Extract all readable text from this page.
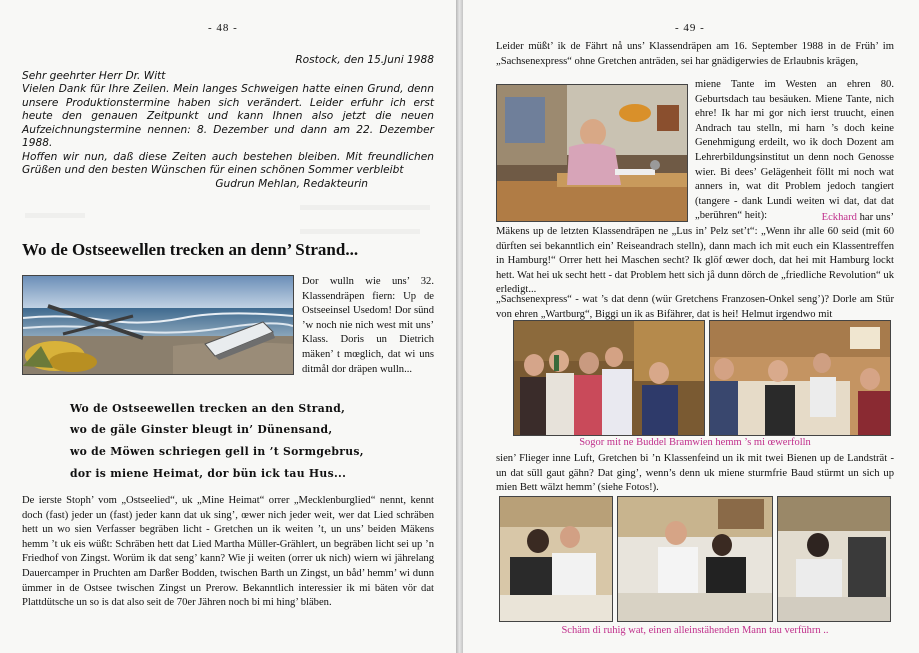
- 48 -

Rostock, den 15.Juni 1988

Sehr geehrter Herr Dr. Witt

Vielen Dank für Ihre Zeilen. Mein langes Schweigen hatte einen Grund, denn unsere Produktionstermine haben sich verändert. Leider erfuhr ich erst heute den genauen Zeitpunkt und kann Ihnen also jetzt die neuen Aufzeichnungstermine nennen: 8. Dezember und dann am 22. Dezember 1988.

Hoffen wir nun, daß diese Zeiten auch bestehen bleiben. Mit freundlichen Grüßen und den besten Wünschen für einen schönen Sommer verbleibt

Gudrun Mehlan, Redakteurin

Wo de Ostseewellen trecken an denn’ Strand...
Dor wulln wie uns’ 32. Klassendräpen fiern: Up de Ostseeinsel Usedom! Dor sünd ’w noch nie nich west mit uns’ Klass. Doris un Dietrich mäken’ t mœglich, dat wi uns ditmål dor dräpen wulln...
Wo de Ostseewellen trecken an den Strand,
wo de gäle Ginster bleugt in’ Dünensand,
wo de Möwen schriegen gell in ’t Sormgebrus,
dor is miene Heimat, dor bün ick tau Hus...
De ierste Stoph’ vom „Ostseelied“, uk „Mine Heimat“ orrer „Mecklenburglied“ nennt, kennt doch (fast) jeder un (fast) jeder kann dat uk sing’, œwer nich jeder weit, wer dat Lied schräben hett un wo sien Verfasser begräben licht - Gretchen un ik weiten ’t, un uns’ beiden Mäkens hemm ’t uk eis wüßt: Schräben hett dat Lied Martha Müller-Grählert, un begräben licht sei up ’n Friedhof von Zingst. Worüm ik dat seng’ kann? Wie ji weiten (orrer uk nich) wiern wi jährelang Dauercamper in Pruchten am Darßer Bodden, twischen Barth un Zingst, un båd’ hemm’ wi dunn ümmer in de Ostsee twischen Zingst un Prerow. Bekanntlich interessier ik mi bäten vör dat Plattdütsche un so is dat also seit de 70er Jähren noch bi mi hing’ bläben.
- 49 -
Leider müßt’ ik de Fährt nå uns’ Klassendräpen am 16. September 1988 in de Früh’ im „Sachsenexpress“ ohne Gretchen anträden, sei har gnädigerwies de Erlaubnis krägen,
miene Tante im Westen an ehren 80. Geburtsdach tau besäuken. Miene Tante, nich ehre! Ik har mi gor nich ierst truucht, einen Andrach tau stelln, mi harn ’s doch keine Genehmigung erdeilt, wo ik doch Dozent am Lehrerbildungsinstitut un denn noch Genosse wier. Bi dees’ Gelägenheit föllt mi noch wat anners in, wat dit Problem jedoch tangiert (tangere - dank Lundi weiten wi dat, dat dat „berühren“ heit):	Eckhard har uns’
Mäkens up de letzten Klassendräpen ne „Lus in’ Pelz set’t“: „Wenn ihr alle 60 seid (mit 60 dürften sei bekanntlich ein’ Reiseandrach stelln), dann mach ich mit euch ein Klassentreffen in Hamburg!“ Orrer hett hei Maschen secht? Ik glöf œwer doch, dat hei mit Hamburg lockt hett. Wat hei uk secht hett - dat Problem hett sich jå dunn dörch de „friedliche Revolution“ uk erledigt...
„Sachsenexpress“ - wat ’s dat denn (wür Gretchens Franzosen-Onkel seng’)? Dorle am Stür von ehren „Wartburg“, Biggi un ik as Bifährer, dat is hei! Helmut irgendwo mit
Sogor mit ne Buddel Bramwien hemm ’s mi œwerfolln
sien’ Flieger inne Luft, Gretchen bi ’n Klassenfeind un ik mit twei Bienen up de Landsträt - un dat süll gaut gähn? Dat ging’, wenn’s denn uk miene sturmfrie Baud stürmt un sich up mien Bett wälzt hemm’ (siehe Fotos!).
Schäm di ruhig wat, einen alleinstähenden Mann tau verführn ..
